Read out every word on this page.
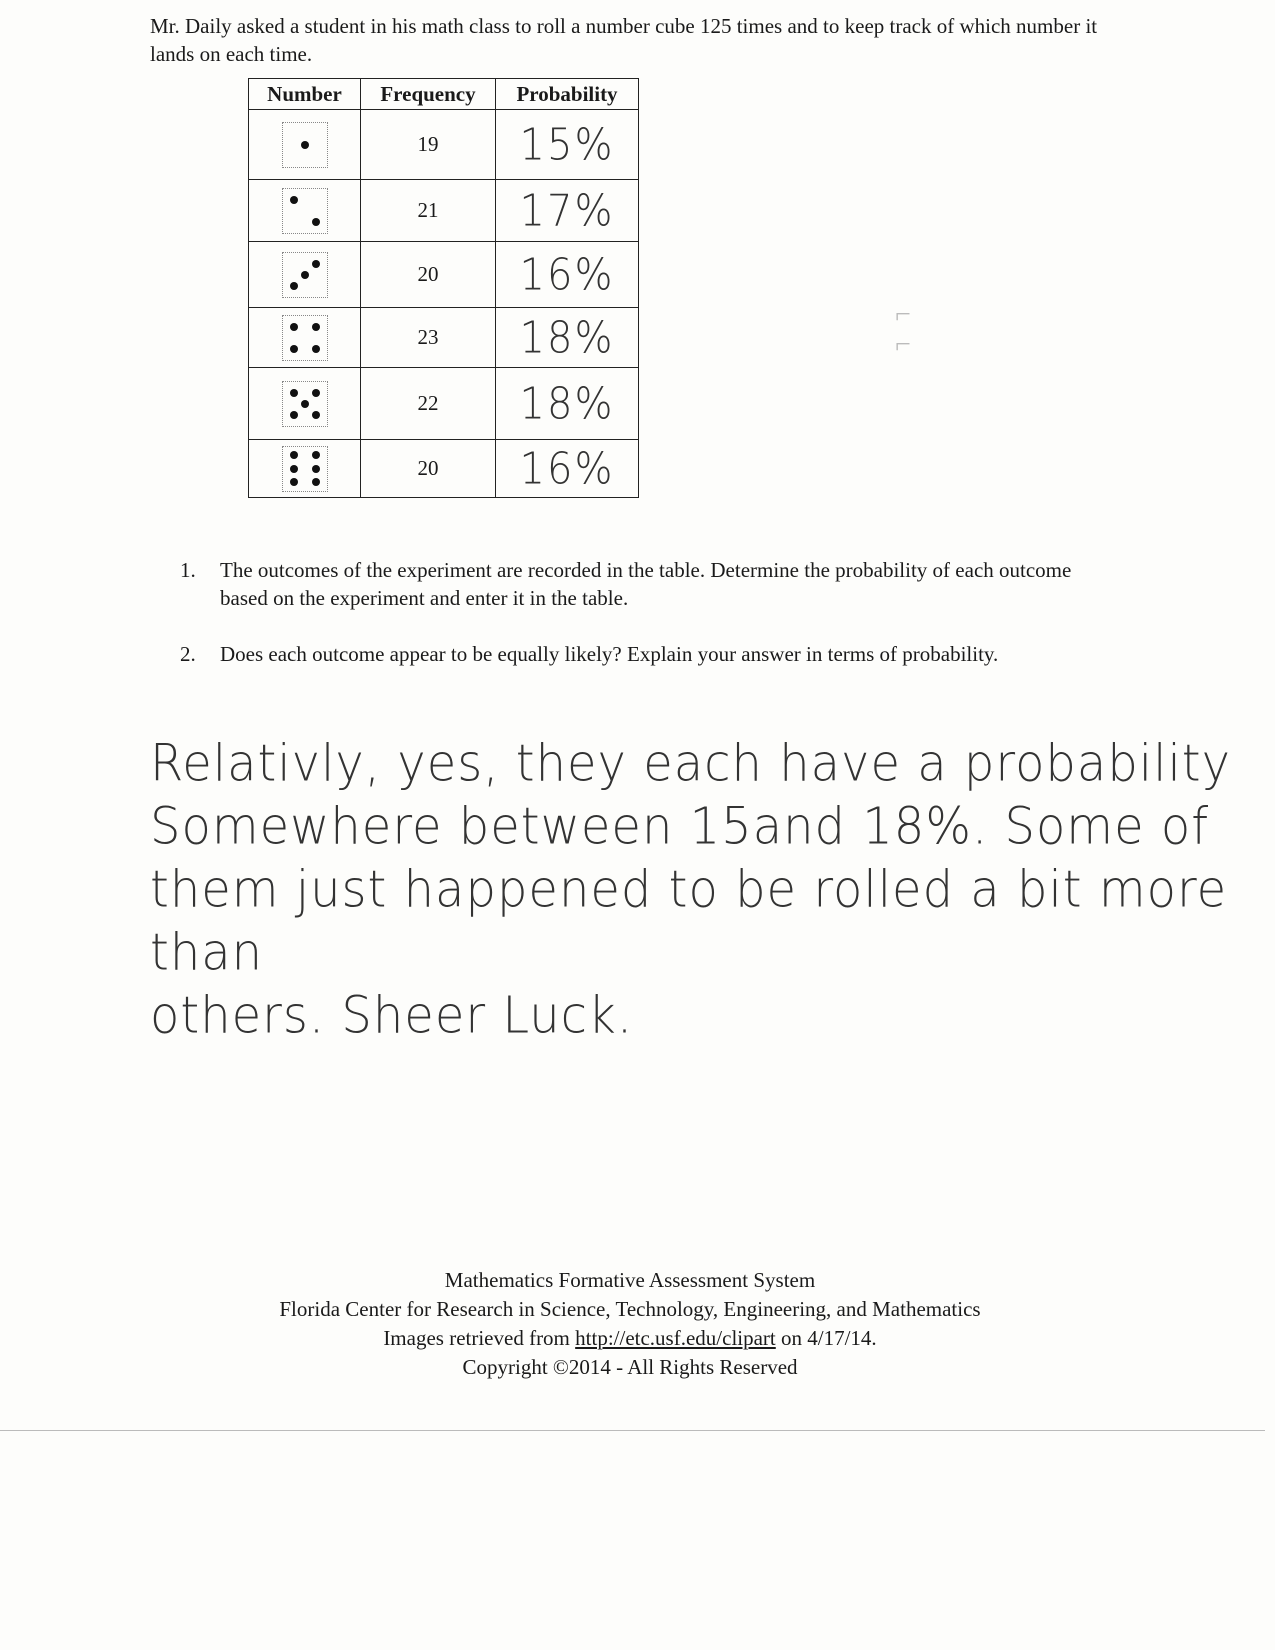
Mr. Daily asked a student in his math class to roll a number cube 125 times and to keep track of which number it lands on each time.

Number	Frequency	Probability

	19	15%

	21	17%

	20	16%

	23	18%

	22	18%

	20	16%
⌐
⌐
1.	The outcomes of the experiment are recorded in the table. Determine the probability of each outcome based on the experiment and enter it in the table.
2.	Does each outcome appear to be equally likely? Explain your answer in terms of probability.
Relativly, yes, they each have a probability
Somewhere between 15and 18%. Some of
them just happened to be rolled a bit more than
others. Sheer Luck.
Mathematics Formative Assessment System
Florida Center for Research in Science, Technology, Engineering, and Mathematics
Images retrieved from http://etc.usf.edu/clipart on 4/17/14.
Copyright ©2014 - All Rights Reserved
